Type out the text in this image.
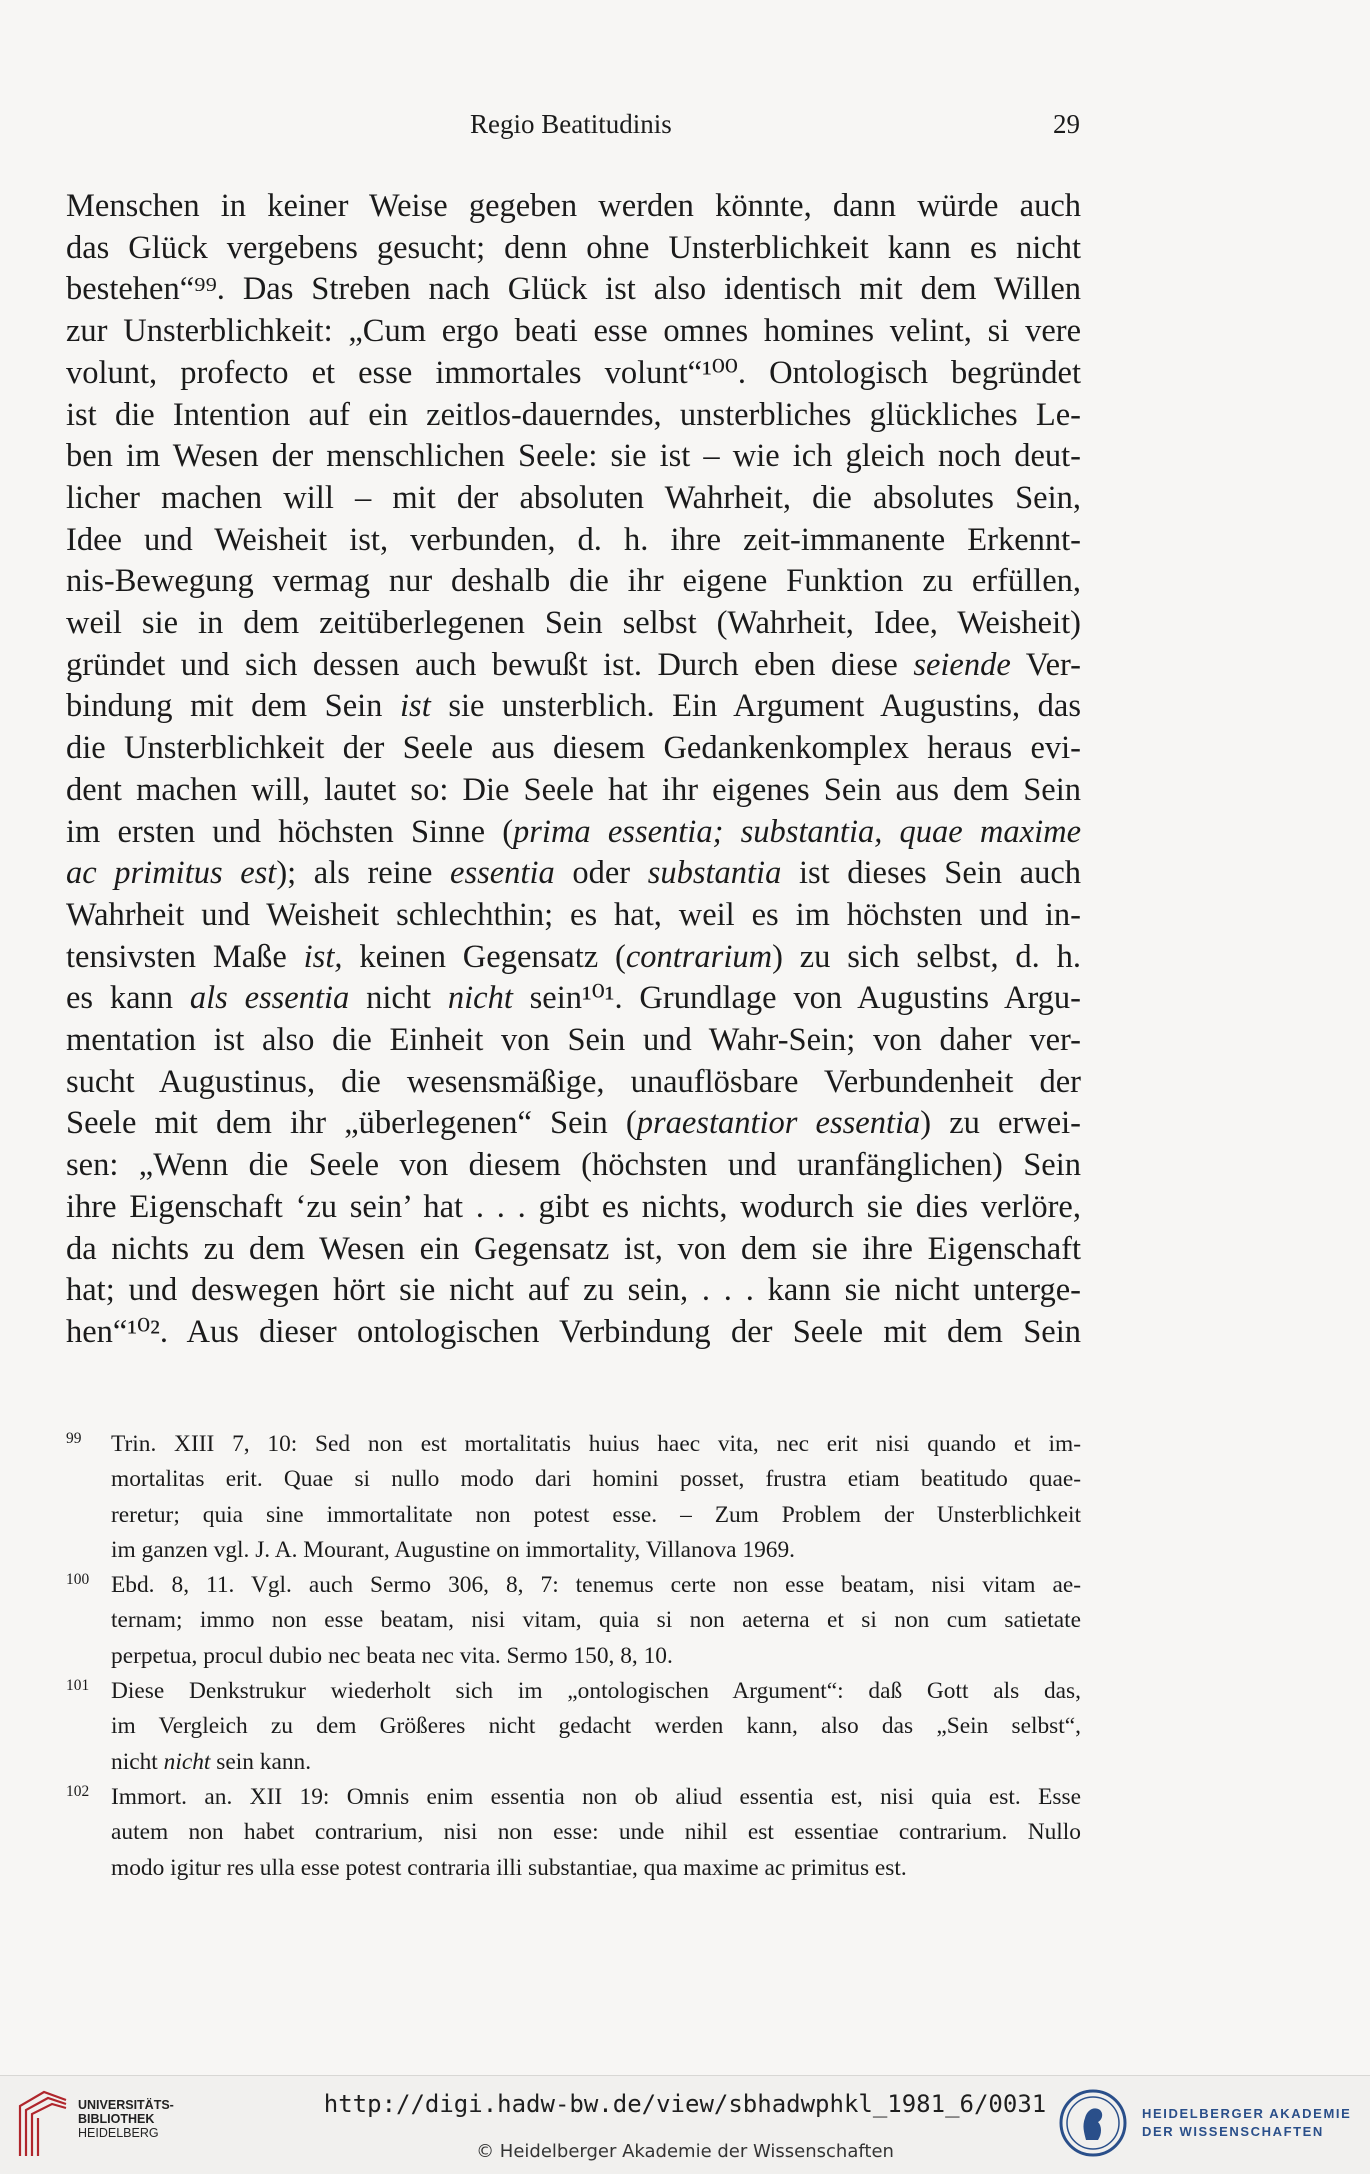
Regio Beatitudinis	29
Menschen in keiner Weise gegeben werden könnte, dann würde auch
das Glück vergebens gesucht; denn ohne Unsterblichkeit kann es nicht
bestehen“⁹⁹. Das Streben nach Glück ist also identisch mit dem Willen
zur Unsterblichkeit: „Cum ergo beati esse omnes homines velint, si vere
volunt, profecto et esse immortales volunt“¹⁰⁰. Ontologisch begründet
ist die Intention auf ein zeitlos-dauerndes, unsterbliches glückliches Le-
ben im Wesen der menschlichen Seele: sie ist – wie ich gleich noch deut-
licher machen will – mit der absoluten Wahrheit, die absolutes Sein,
Idee und Weisheit ist, verbunden, d. h. ihre zeit-immanente Erkennt-
nis-Bewegung vermag nur deshalb die ihr eigene Funktion zu erfüllen,
weil sie in dem zeitüberlegenen Sein selbst (Wahrheit, Idee, Weisheit)
gründet und sich dessen auch bewußt ist. Durch eben diese seiende Ver-
bindung mit dem Sein ist sie unsterblich. Ein Argument Augustins, das
die Unsterblichkeit der Seele aus diesem Gedankenkomplex heraus evi-
dent machen will, lautet so: Die Seele hat ihr eigenes Sein aus dem Sein
im ersten und höchsten Sinne (prima essentia; substantia, quae maxime
ac primitus est); als reine essentia oder substantia ist dieses Sein auch
Wahrheit und Weisheit schlechthin; es hat, weil es im höchsten und in-
tensivsten Maße ist, keinen Gegensatz (contrarium) zu sich selbst, d. h.
es kann als essentia nicht nicht sein¹⁰¹. Grundlage von Augustins Argu-
mentation ist also die Einheit von Sein und Wahr-Sein; von daher ver-
sucht Augustinus, die wesensmäßige, unauflösbare Verbundenheit der
Seele mit dem ihr „überlegenen“ Sein (praestantior essentia) zu erwei-
sen: „Wenn die Seele von diesem (höchsten und uranfänglichen) Sein
ihre Eigenschaft ‘zu sein’ hat . . . gibt es nichts, wodurch sie dies verlöre,
da nichts zu dem Wesen ein Gegensatz ist, von dem sie ihre Eigenschaft
hat; und deswegen hört sie nicht auf zu sein, . . . kann sie nicht unterge-
hen“¹⁰². Aus dieser ontologischen Verbindung der Seele mit dem Sein
99 Trin. XIII 7, 10: Sed non est mortalitatis huius haec vita, nec erit nisi quando et im-
mortalitas erit. Quae si nullo modo dari homini posset, frustra etiam beatitudo quae-
reretur; quia sine immortalitate non potest esse. – Zum Problem der Unsterblichkeit
im ganzen vgl. J. A. Mourant, Augustine on immortality, Villanova 1969.
100 Ebd. 8, 11. Vgl. auch Sermo 306, 8, 7: tenemus certe non esse beatam, nisi vitam ae-
ternam; immo non esse beatam, nisi vitam, quia si non aeterna et si non cum satietate
perpetua, procul dubio nec beata nec vita. Sermo 150, 8, 10.
101 Diese Denkstrukur wiederholt sich im „ontologischen Argument“: daß Gott als das,
im Vergleich zu dem Größeres nicht gedacht werden kann, also das „Sein selbst“,
nicht nicht sein kann.
102 Immort. an. XII 19: Omnis enim essentia non ob aliud essentia est, nisi quia est. Esse
autem non habet contrarium, nisi non esse: unde nihil est essentiae contrarium. Nullo
modo igitur res ulla esse potest contraria illi substantiae, qua maxime ac primitus est.
UNIVERSITÄTS-
BIBLIOTHEK
HEIDELBERG
http://digi.hadw-bw.de/view/sbhadwphkl_1981_6/0031
© Heidelberger Akademie der Wissenschaften
HEIDELBERGER AKADEMIE
DER WISSENSCHAFTEN
